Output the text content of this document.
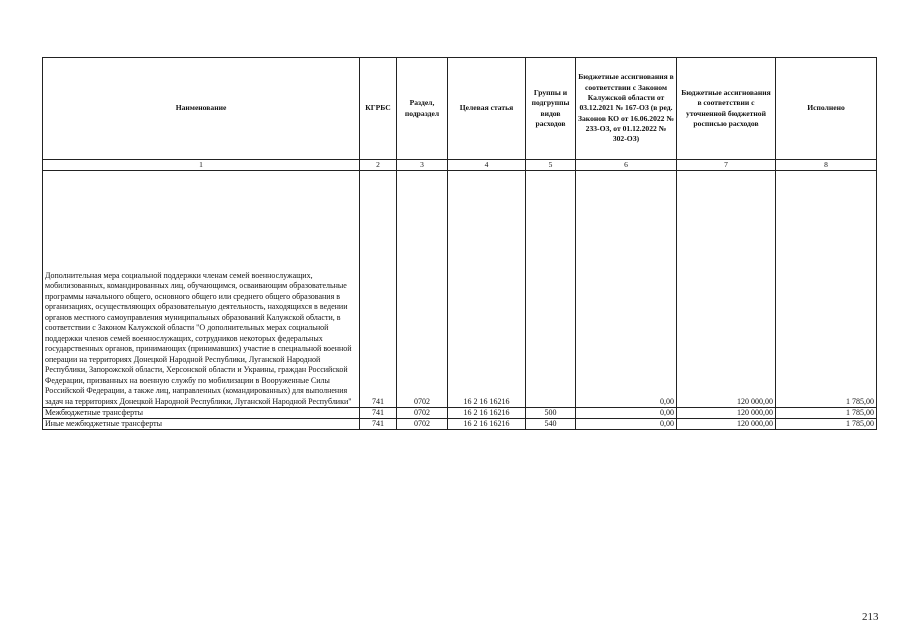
Наименование	КГРБС	Раздел, подраздел	Целевая статья	Группы и подгруппы видов расходов	Бюджетные ассигнования в соответствии с Законом Калужской области от 03.12.2021 № 167-ОЗ (в ред. Законов КО от 16.06.2022 № 233-ОЗ, от 01.12.2022 № 302-ОЗ)	Бюджетные ассигнования в соответствии с уточненной бюджетной росписью расходов	Исполнено
1	2	3	4	5	6	7	8
Дополнительная мера социальной поддержки членам семей военнослужащих, мобилизованных, командированных лиц, обучающимся, осваивающим образовательные программы начального общего, основного общего или среднего общего образования в организациях, осуществляющих образовательную деятельность, находящихся в ведении органов местного самоуправления муниципальных образований Калужской области, в соответствии с Законом Калужской области "О дополнительных мерах социальной поддержки членов семей военнослужащих, сотрудников некоторых федеральных государственных органов, принимающих (принимавших) участие в специальной военной операции на территориях Донецкой Народной Республики, Луганской Народной Республики, Запорожской области, Херсонской области и Украины, граждан Российской Федерации, призванных на военную службу по мобилизации в Вооруженные Силы Российской Федерации, а также лиц, направленных (командированных) для выполнения задач на территориях Донецкой Народной Республики, Луганской Народной Республики"	741	0702	16 2 16 16216		0,00	120 000,00	1 785,00
Межбюджетные трансферты	741	0702	16 2 16 16216	500	0,00	120 000,00	1 785,00
Иные межбюджетные трансферты	741	0702	16 2 16 16216	540	0,00	120 000,00	1 785,00
213
